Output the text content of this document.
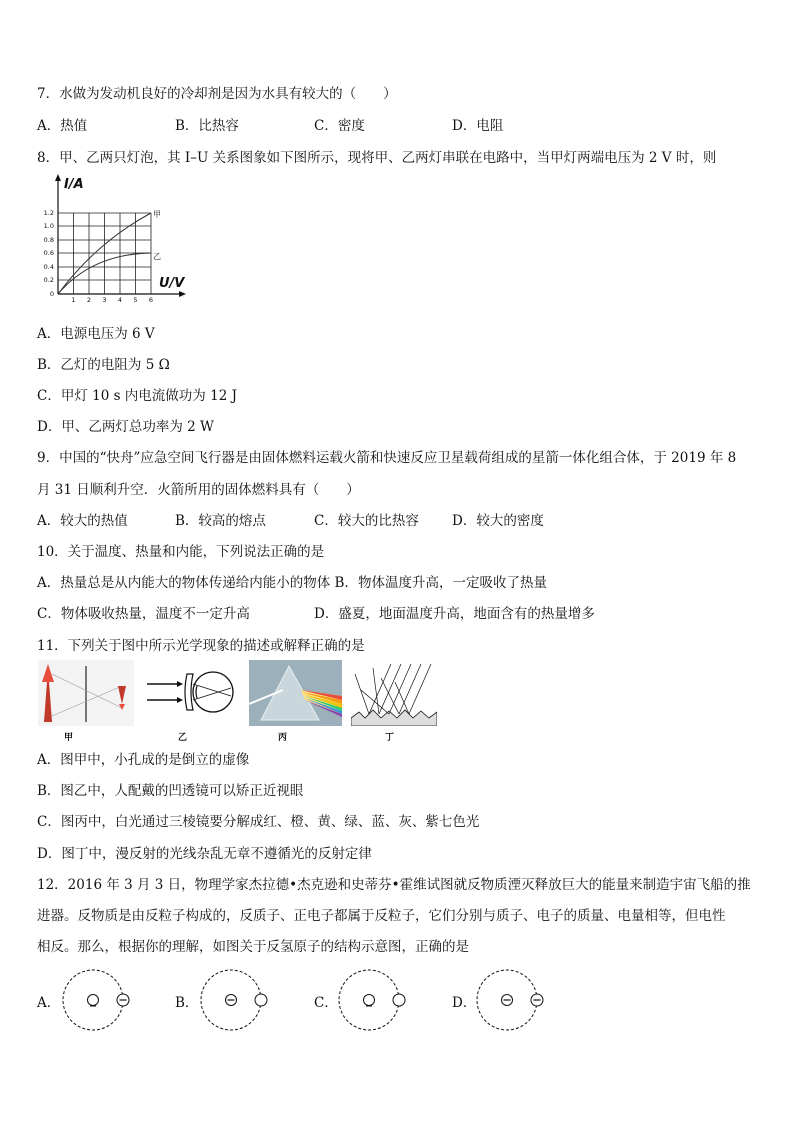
7．水做为发动机良好的冷却剂是因为水具有较大的（　　）
A．热值	B．比热容	C．密度	D．电阻
8．甲、乙两只灯泡，其 I–U 关系图象如下图所示，现将甲、乙两灯串联在电路中，当甲灯两端电压为 2 V 时，则
1.2
1.0
0.8
0.6
0.4
0.2
0
1 2 3 4 5 6
I/A
U/V
甲
乙
A．电源电压为 6 V
B．乙灯的电阻为 5 Ω
C．甲灯 10 s 内电流做功为 12 J
D．甲、乙两灯总功率为 2 W
9．中国的“快舟”应急空间飞行器是由固体燃料运载火箭和快速反应卫星载荷组成的星箭一体化组合体，于 2019 年 8
月 31 日顺利升空．火箭所用的固体燃料具有（　　）
A．较大的热值	B．较高的熔点	C．较大的比热容 D．较大的密度
10．关于温度、热量和内能，下列说法正确的是
A．热量总是从内能大的物体传递给内能小的物体 B．物体温度升高，一定吸收了热量
C．物体吸收热量，温度不一定升高	D．盛夏，地面温度升高，地面含有的热量增多
11．下列关于图中所示光学现象的描述或解释正确的是
甲	乙	丙	丁
A．图甲中，小孔成的是倒立的虚像
B．图乙中，人配戴的凹透镜可以矫正近视眼
C．图丙中，白光通过三棱镜要分解成红、橙、黄、绿、蓝、灰、紫七色光
D．图丁中，漫反射的光线杂乱无章不遵循光的反射定律
12．2016 年 3 月 3 日，物理学家杰拉德•杰克逊和史蒂芬•霍维试图就反物质湮灭释放巨大的能量来制造宇宙飞船的推
进器。反物质是由反粒子构成的，反质子、正电子都属于反粒子，它们分别与质子、电子的质量、电量相等，但电性
相反。那么，根据你的理解，如图关于反氢原子的结构示意图，正确的是
A．	B．	C．	D．
